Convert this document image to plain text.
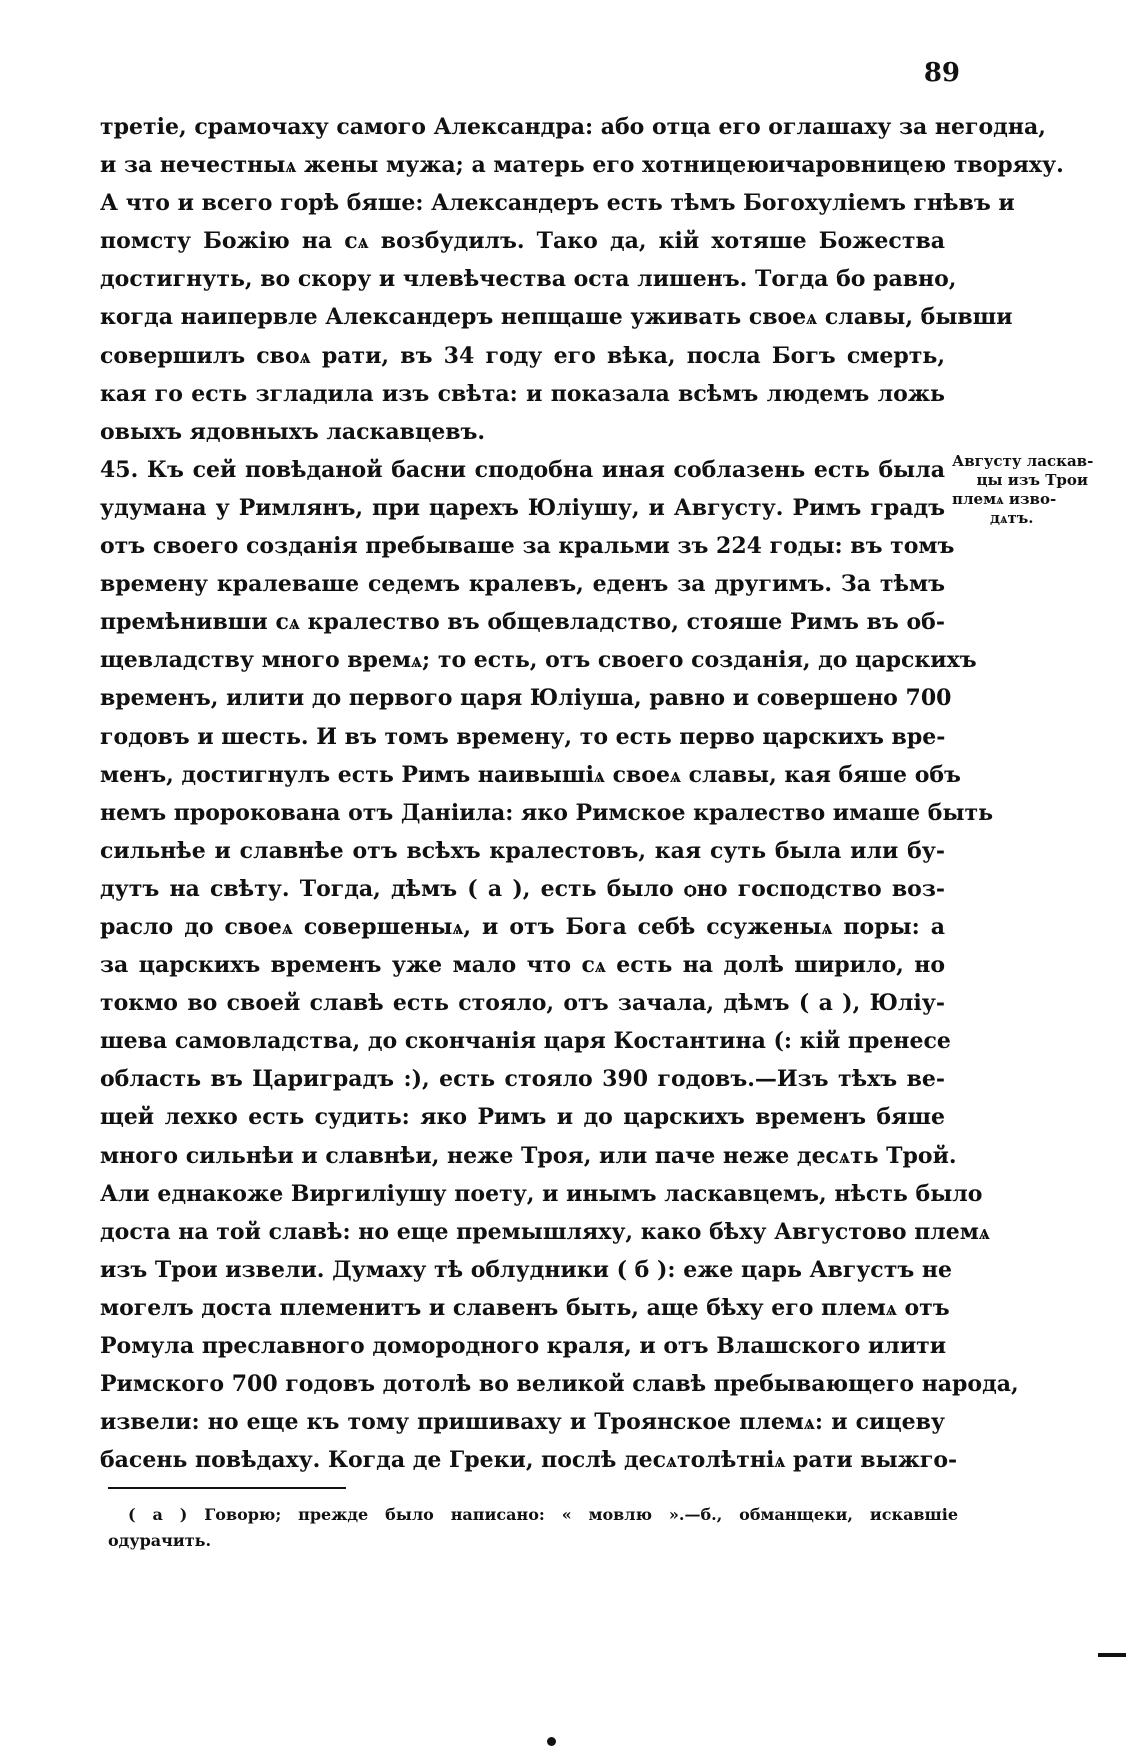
89
третіе, срамочаху самого Александра: або отца его оглашаху за негодна,
и за нечестныѧ жены мужа; а матерь его хотницеюичаровницею творяху.
А что и всего горѣ бяше: Александеръ есть тѣмъ Богохуліемъ гнѣвъ и
помсту Божію на сѧ возбудилъ. Тако да, кій хотяше Божества
достигнуть, во скору и члевѣчества оста лишенъ. Тогда бо равно,
когда наипервле Александеръ непщаше уживать своеѧ славы, бывши
совершилъ своѧ рати, въ 34 году его вѣка, посла Богъ смерть,
кая го есть згладила изъ свѣта: и показала всѣмъ людемъ ложь
овыхъ ядовныхъ ласкавцевъ.
45. Къ сей повѣданой басни сподобна иная соблазень есть была
удумана у Римлянъ, при царехъ Юліушу, и Августу. Римъ градъ
отъ своего созданія пребываше за кральми зъ 224 годы: въ томъ
времену кралеваше седемъ кралевъ, еденъ за другимъ. За тѣмъ
премѣнивши сѧ кралество въ общевладство, стояше Римъ въ об-
щевладству много времѧ; то есть, отъ своего созданія, до царскихъ
временъ, илити до первого царя Юліуша, равно и совершено 700
годовъ и шесть. И въ томъ времену, то есть перво царскихъ вре-
менъ, достигнулъ есть Римъ наивышіѧ своеѧ славы, кая бяше объ
немъ пророкована отъ Даніила: яко Римское кралество имаше быть
сильнѣе и славнѣе отъ всѣхъ кралестовъ, кая суть была или бу-
дутъ на свѣту. Тогда, дѣмъ ( а ), есть было ѻно господство воз-
расло до своеѧ совершеныѧ, и отъ Бога себѣ ссуженыѧ поры: а
за царскихъ временъ уже мало что сѧ есть на долѣ ширило, но
токмо во своей славѣ есть стояло, отъ зачала, дѣмъ ( а ), Юліу-
шева самовладства, до скончанія царя Костантина (: кій пренесе
область въ Цариградъ :), есть стояло 390 годовъ.—Изъ тѣхъ ве-
щей лехко есть судить: яко Римъ и до царскихъ временъ бяше
много сильнѣи и славнѣи, неже Троя, или паче неже десѧть Трой.
Али еднакоже Виргиліушу поету, и инымъ ласкавцемъ, нѣсть было
доста на той славѣ: но еще премышляху, како бѣху Августово племѧ
изъ Трои извели. Думаху тѣ облудники ( б ): еже царь Августъ не
могелъ доста племенитъ и славенъ быть, аще бѣху его племѧ отъ
Ромула преславного домородного краля, и отъ Влашского илити
Римского 700 годовъ дотолѣ во великой славѣ пребывающего народа,
извели: но еще къ тому пришиваху и Троянское племѧ: и сицеву
басень повѣдаху. Когда де Греки, послѣ десѧтолѣтніѧ рати выжго-
Августу ласкав-
цы изъ Трои
племѧ изво-
дѧтъ.
( а ) Говорю; прежде было написано: « мовлю ».—б., обманщеки, искавшіе
одурачить.
